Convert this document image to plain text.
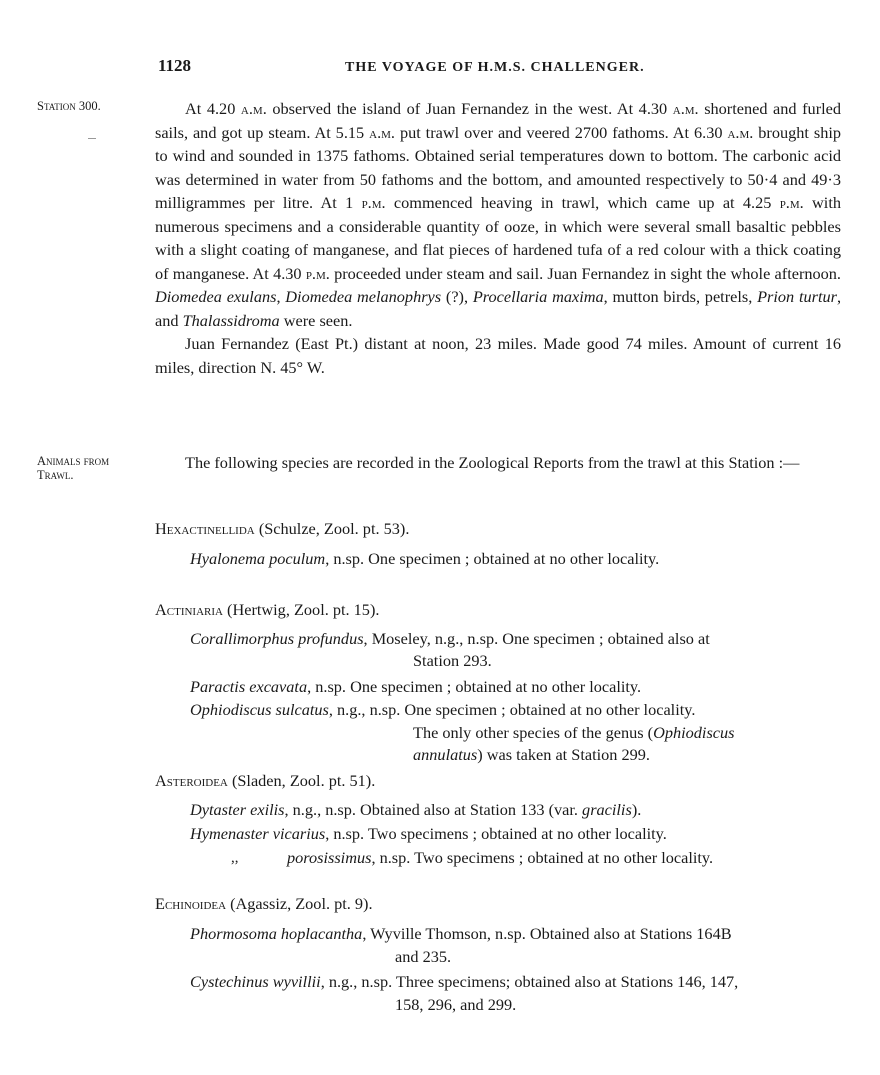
1128	THE VOYAGE OF H.M.S. CHALLENGER.
Station 300.	At 4.20 a.m. observed the island of Juan Fernandez in the west. At 4.30 a.m. shortened and furled sails, and got up steam. At 5.15 a.m. put trawl over and veered 2700 fathoms. At 6.30 a.m. brought ship to wind and sounded in 1375 fathoms. Obtained serial temperatures down to bottom. The carbonic acid was determined in water from 50 fathoms and the bottom, and amounted respectively to 50·4 and 49·3 milligrammes per litre. At 1 p.m. commenced heaving in trawl, which came up at 4.25 p.m. with numerous specimens and a considerable quantity of ooze, in which were several small basaltic pebbles with a slight coating of manganese, and flat pieces of hardened tufa of a red colour with a thick coating of manganese. At 4.30 p.m. proceeded under steam and sail. Juan Fernandez in sight the whole afternoon. Diomedea exulans, Diomedea melanophrys (?), Procellaria maxima, mutton birds, petrels, Prion turtur, and Thalassidroma were seen.

Juan Fernandez (East Pt.) distant at noon, 23 miles. Made good 74 miles. Amount of current 16 miles, direction N. 45° W.

Animals from
Trawl.

The following species are recorded in the Zoological Reports from the trawl at this Station :—

Hexactinellida (Schulze, Zool. pt. 53).
Hyalonema poculum, n.sp. One specimen ; obtained at no other locality.
Actiniaria (Hertwig, Zool. pt. 15).
Corallimorphus profundus, Moseley, n.g., n.sp. One specimen ; obtained also at
Station 293.
Paractis excavata, n.sp. One specimen ; obtained at no other locality.
Ophiodiscus sulcatus, n.g., n.sp. One specimen ; obtained at no other locality.
The only other species of the genus (Ophiodiscus
annulatus) was taken at Station 299.
Asteroidea (Sladen, Zool. pt. 51).
Dytaster exilis, n.g., n.sp. Obtained also at Station 133 (var. gracilis).
Hymenaster vicarius, n.sp. Two specimens ; obtained at no other locality.
,,	porosissimus, n.sp. Two specimens ; obtained at no other locality.
Echinoidea (Agassiz, Zool. pt. 9).
Phormosoma hoplacantha, Wyville Thomson, n.sp. Obtained also at Stations 164B
and 235.
Cystechinus wyvillii, n.g., n.sp. Three specimens; obtained also at Stations 146, 147,
158, 296, and 299.
